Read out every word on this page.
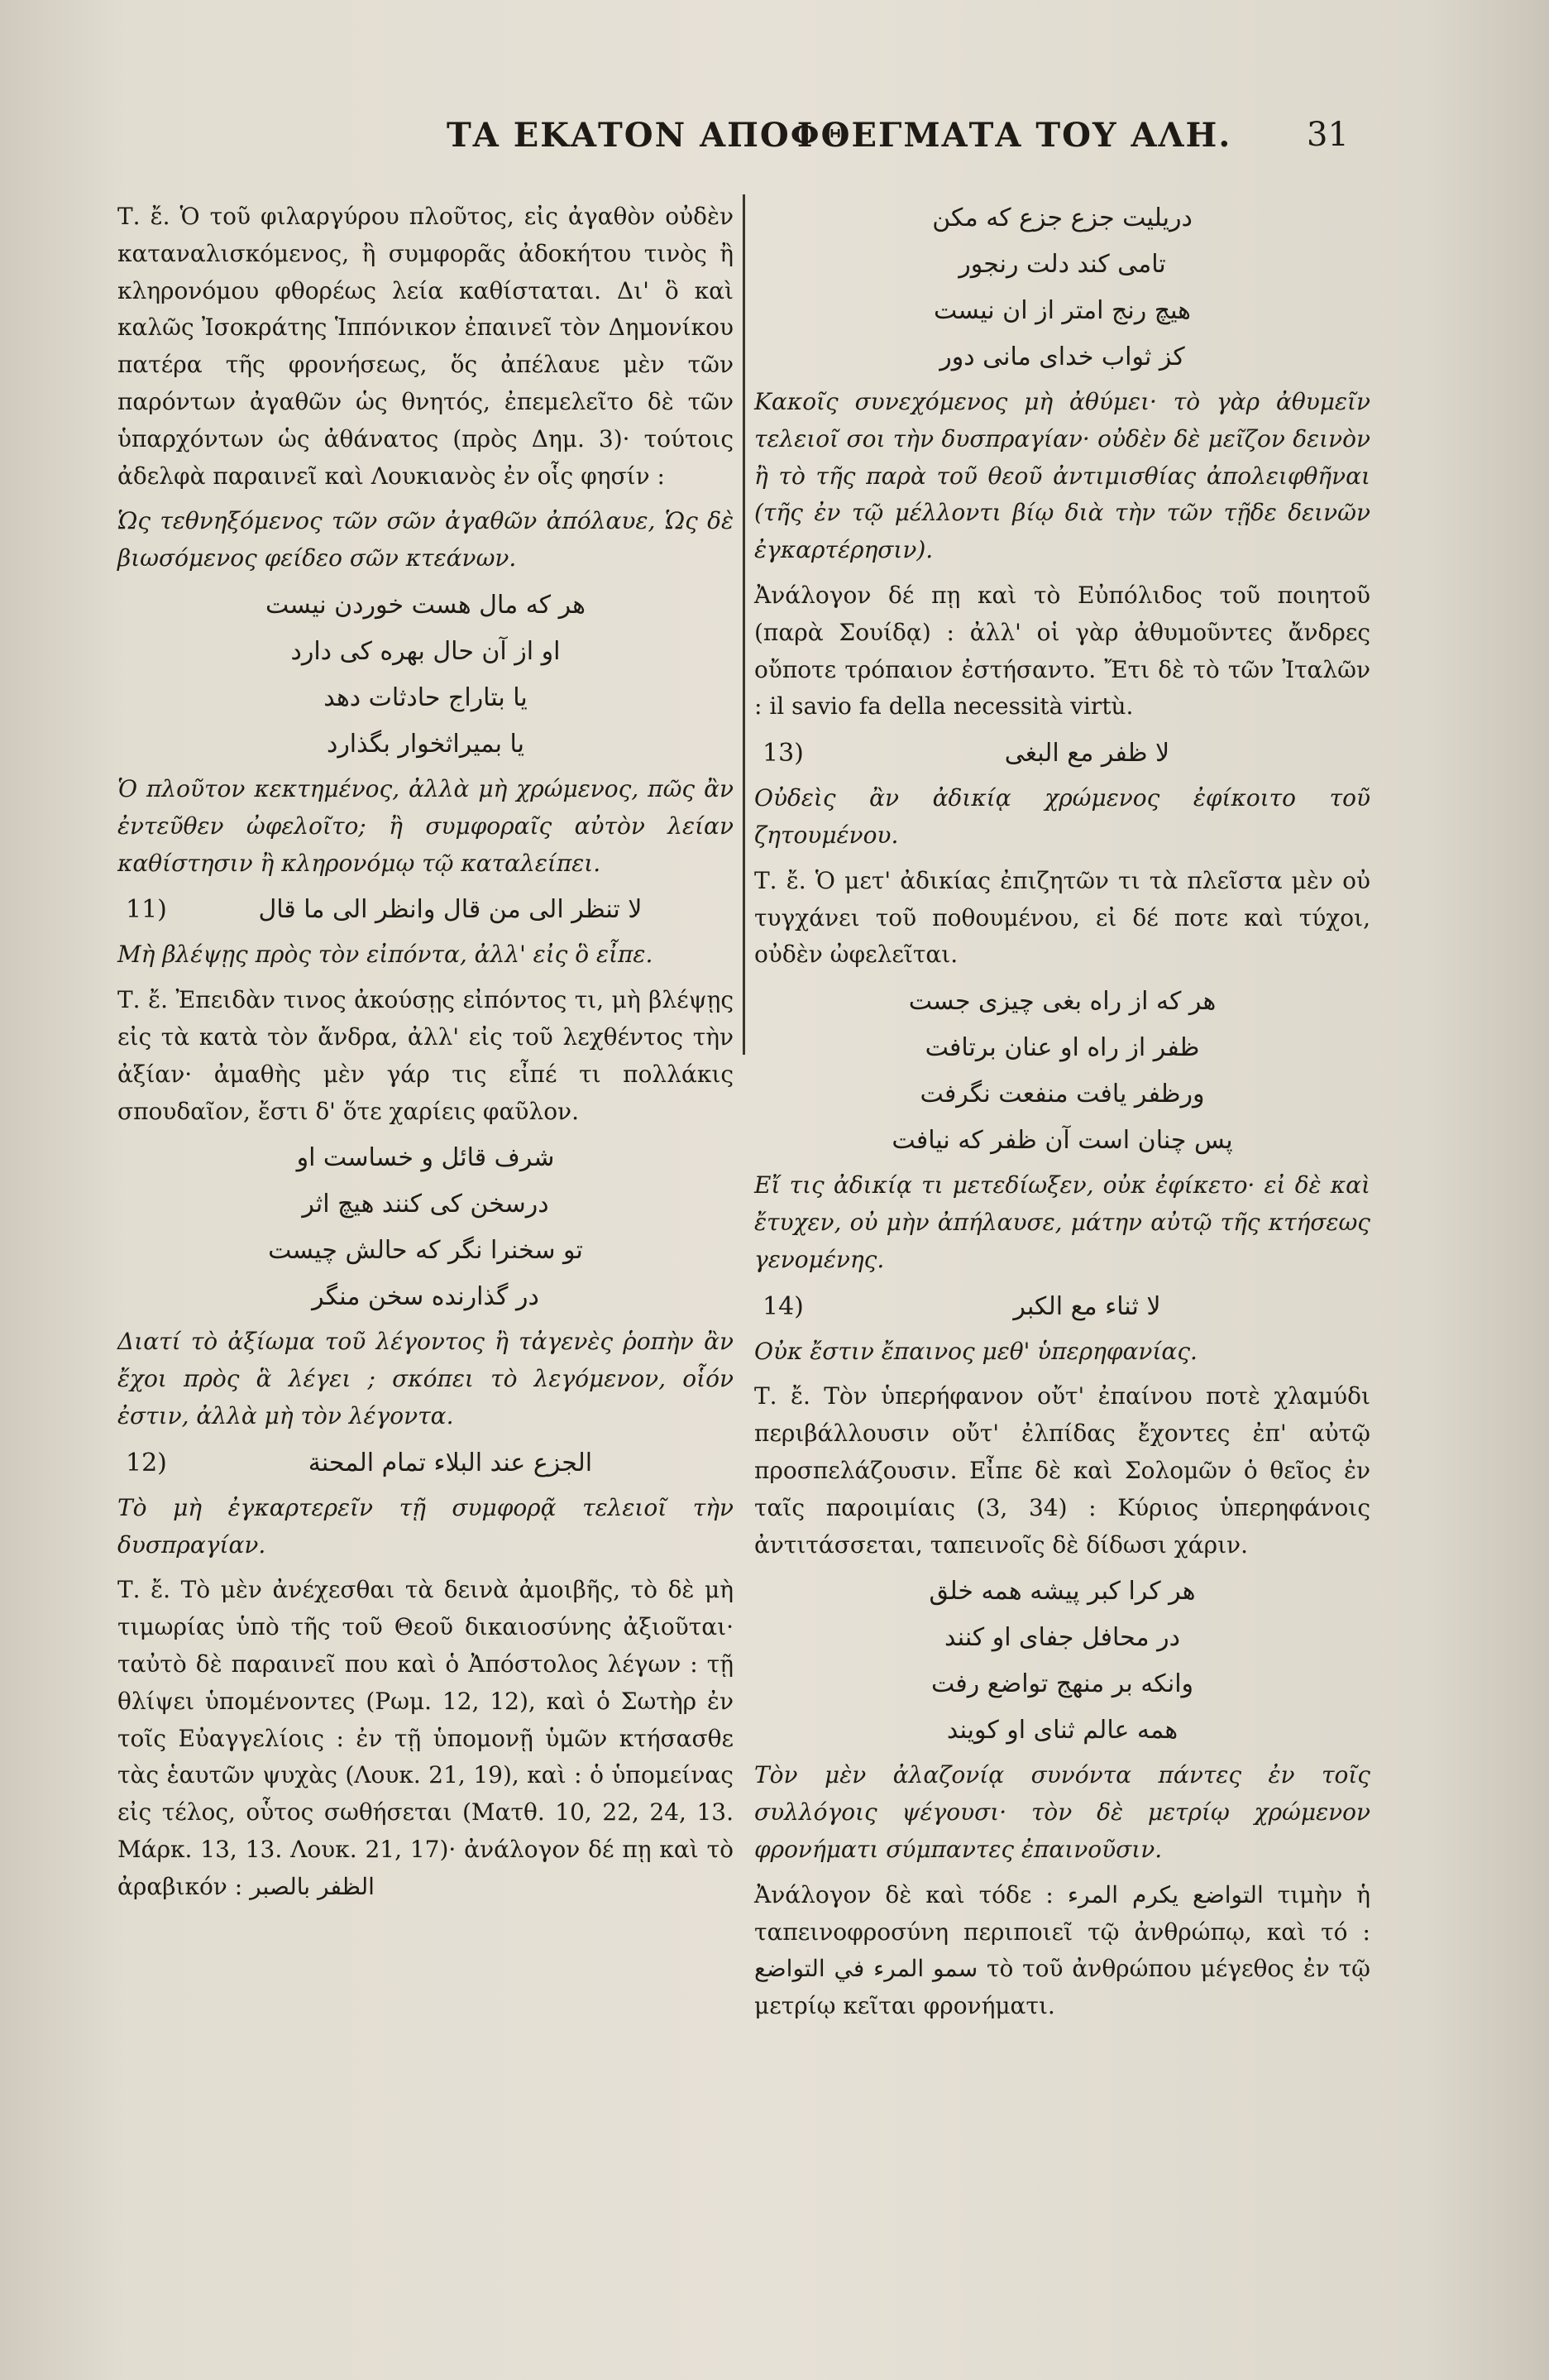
ΤΑ ΕΚΑΤΟΝ ΑΠΟΦΘΕΓΜΑΤΑ ΤΟΥ ΑΛΗ. 31

Τ. ἔ. Ὁ τοῦ φιλαργύρου πλοῦτος, εἰς ἀγαθὸν οὐδὲν καταναλισκόμενος, ἢ συμφορᾶς ἀδοκήτου τινὸς ἢ κληρονόμου φθορέως λεία καθίσταται. Δι' ὃ καὶ καλῶς Ἰσοκράτης Ἱππόνικον ἐπαινεῖ τὸν Δημονίκου πατέρα τῆς φρονήσεως, ὅς ἀπέλαυε μὲν τῶν παρόντων ἀγαθῶν ὡς θνητός, ἐπεμελεῖτο δὲ τῶν ὑπαρχόντων ὡς ἀθάνατος (πρὸς Δημ. 3)· τούτοις ἀδελφὰ παραινεῖ καὶ Λουκιανὸς ἐν οἷς φησίν :

Ὡς τεθνηξόμενος τῶν σῶν ἀγαθῶν ἀπόλαυε, Ὡς δὲ βιωσόμενος φείδεο σῶν κτεάνων.

هر كه مال هست خوردن نيست

او از آن حال بهره كى دارد

يا بتاراج حادثات دهد

يا بميراثخوار بگذارد

Ὁ πλοῦτον κεκτημένος, ἀλλὰ μὴ χρώμενος, πῶς ἂν ἐντεῦθεν ὠφελοῖτο; ἢ συμφοραῖς αὐτὸν λείαν καθίστησιν ἢ κληρονόμῳ τῷ καταλείπει.

11)	لا تنظر الى من قال وانظر الى ما قال

Μὴ βλέψῃς πρὸς τὸν εἰπόντα, ἀλλ' εἰς ὃ εἶπε.

Τ. ἔ. Ἐπειδὰν τινος ἀκούσῃς εἰπόντος τι, μὴ βλέψῃς εἰς τὰ κατὰ τὸν ἄνδρα, ἀλλ' εἰς τοῦ λεχθέντος τὴν ἀξίαν· ἀμαθὴς μὲν γάρ τις εἶπέ τι πολλάκις σπουδαῖον, ἔστι δ' ὅτε χαρίεις φαῦλον.

شرف قائل و خساست او

درسخن كى كنند هيچ اثر

تو سخنرا نگر كه حالش چيست

در گذارنده سخن منگر

Διατί τὸ ἀξίωμα τοῦ λέγοντος ἢ τἀγενὲς ῥοπὴν ἂν ἔχοι πρὸς ἃ λέγει ; σκόπει τὸ λεγόμενον, οἷόν ἐστιν, ἀλλὰ μὴ τὸν λέγοντα.

12)	الجزع عند البلاء تمام المحنة

Τὸ μὴ ἐγκαρτερεῖν τῇ συμφορᾷ τελειοῖ τὴν δυσπραγίαν.

Τ. ἔ. Τὸ μὲν ἀνέχεσθαι τὰ δεινὰ ἀμοιβῆς, τὸ δὲ μὴ τιμωρίας ὑπὸ τῆς τοῦ Θεοῦ δικαιοσύνης ἀξιοῦται· ταὐτὸ δὲ παραινεῖ που καὶ ὁ Ἀπόστολος λέγων : τῇ θλίψει ὑπομένοντες (Ρωμ. 12, 12), καὶ ὁ Σωτὴρ ἐν τοῖς Εὐαγγελίοις : ἐν τῇ ὑπομονῇ ὑμῶν κτήσασθε τὰς ἑαυτῶν ψυχὰς (Λουκ. 21, 19), καὶ : ὁ ὑπομείνας εἰς τέλος, οὗτος σωθήσεται (Ματθ. 10, 22, 24, 13. Μάρκ. 13, 13. Λουκ. 21, 17)· ἀνάλογον δέ πῃ καὶ τὸ ἀραβικόν : الظفر بالصبر

دريليت جزع جزع كه مكن

تامى كند دلت رنجور

هيچ رنج امتر از ان نيست

كز ثواب خدای مانی دور

Κακοῖς συνεχόμενος μὴ ἀθύμει· τὸ γὰρ ἀθυμεῖν τελειοῖ σοι τὴν δυσπραγίαν· οὐδὲν δὲ μεῖζον δεινὸν ἢ τὸ τῆς παρὰ τοῦ θεοῦ ἀντιμισθίας ἀπολειφθῆναι (τῆς ἐν τῷ μέλλοντι βίῳ διὰ τὴν τῶν τῇδε δεινῶν ἐγκαρτέρησιν).

Ἀνάλογον δέ πῃ καὶ τὸ Εὐπόλιδος τοῦ ποιητοῦ (παρὰ Σουίδᾳ) : ἀλλ' οἱ γὰρ ἀθυμοῦντες ἄνδρες οὔποτε τρόπαιον ἐστήσαντο. Ἔτι δὲ τὸ τῶν Ἰταλῶν : il savio fa della necessità virtù.

13)	لا ظفر مع البغى

Οὐδεὶς ἂν ἀδικίᾳ χρώμενος ἐφίκοιτο τοῦ ζητουμένου.

Τ. ἔ. Ὁ μετ' ἀδικίας ἐπιζητῶν τι τὰ πλεῖστα μὲν οὐ τυγχάνει τοῦ ποθουμένου, εἰ δέ ποτε καὶ τύχοι, οὐδὲν ὠφελεῖται.

هر كه از راه بغى چيزى جست

ظفر از راه او عنان برتافت

ورظفر يافت منفعت نگرفت

پس چنان است آن ظفر كه نيافت

Εἴ τις ἀδικίᾳ τι μετεδίωξεν, οὐκ ἐφίκετο· εἰ δὲ καὶ ἔτυχεν, οὐ μὴν ἀπήλαυσε, μάτην αὐτῷ τῆς κτήσεως γενομένης.

14)	لا ثناء مع الكبر

Οὐκ ἔστιν ἔπαινος μεθ' ὑπερηφανίας.

Τ. ἔ. Τὸν ὑπερήφανον οὔτ' ἐπαίνου ποτὲ χλαμύδι περιβάλλουσιν οὔτ' ἐλπίδας ἔχοντες ἐπ' αὐτῷ προσπελάζουσιν. Εἶπε δὲ καὶ Σολομῶν ὁ θεῖος ἐν ταῖς παροιμίαις (3, 34) : Κύριος ὑπερηφάνοις ἀντιτάσσεται, ταπεινοῖς δὲ δίδωσι χάριν.

هر كرا كبر پيشه همه خلق

در محافل جفای او كنند

وانكه بر منهج تواضع رفت

همه عالم ثناى او كويند

Τὸν μὲν ἀλαζονίᾳ συνόντα πάντες ἐν τοῖς συλλόγοις ψέγουσι· τὸν δὲ μετρίῳ χρώμενον φρονήματι σύμπαντες ἐπαινοῦσιν.

Ἀνάλογον δὲ καὶ τόδε : التواضع يكرم المرء τιμὴν ἡ ταπεινοφροσύνη περιποιεῖ τῷ ἀνθρώπῳ, καὶ τό : سمو المرء في التواضع τὸ τοῦ ἀνθρώπου μέγεθος ἐν τῷ μετρίῳ κεῖται φρονήματι.
